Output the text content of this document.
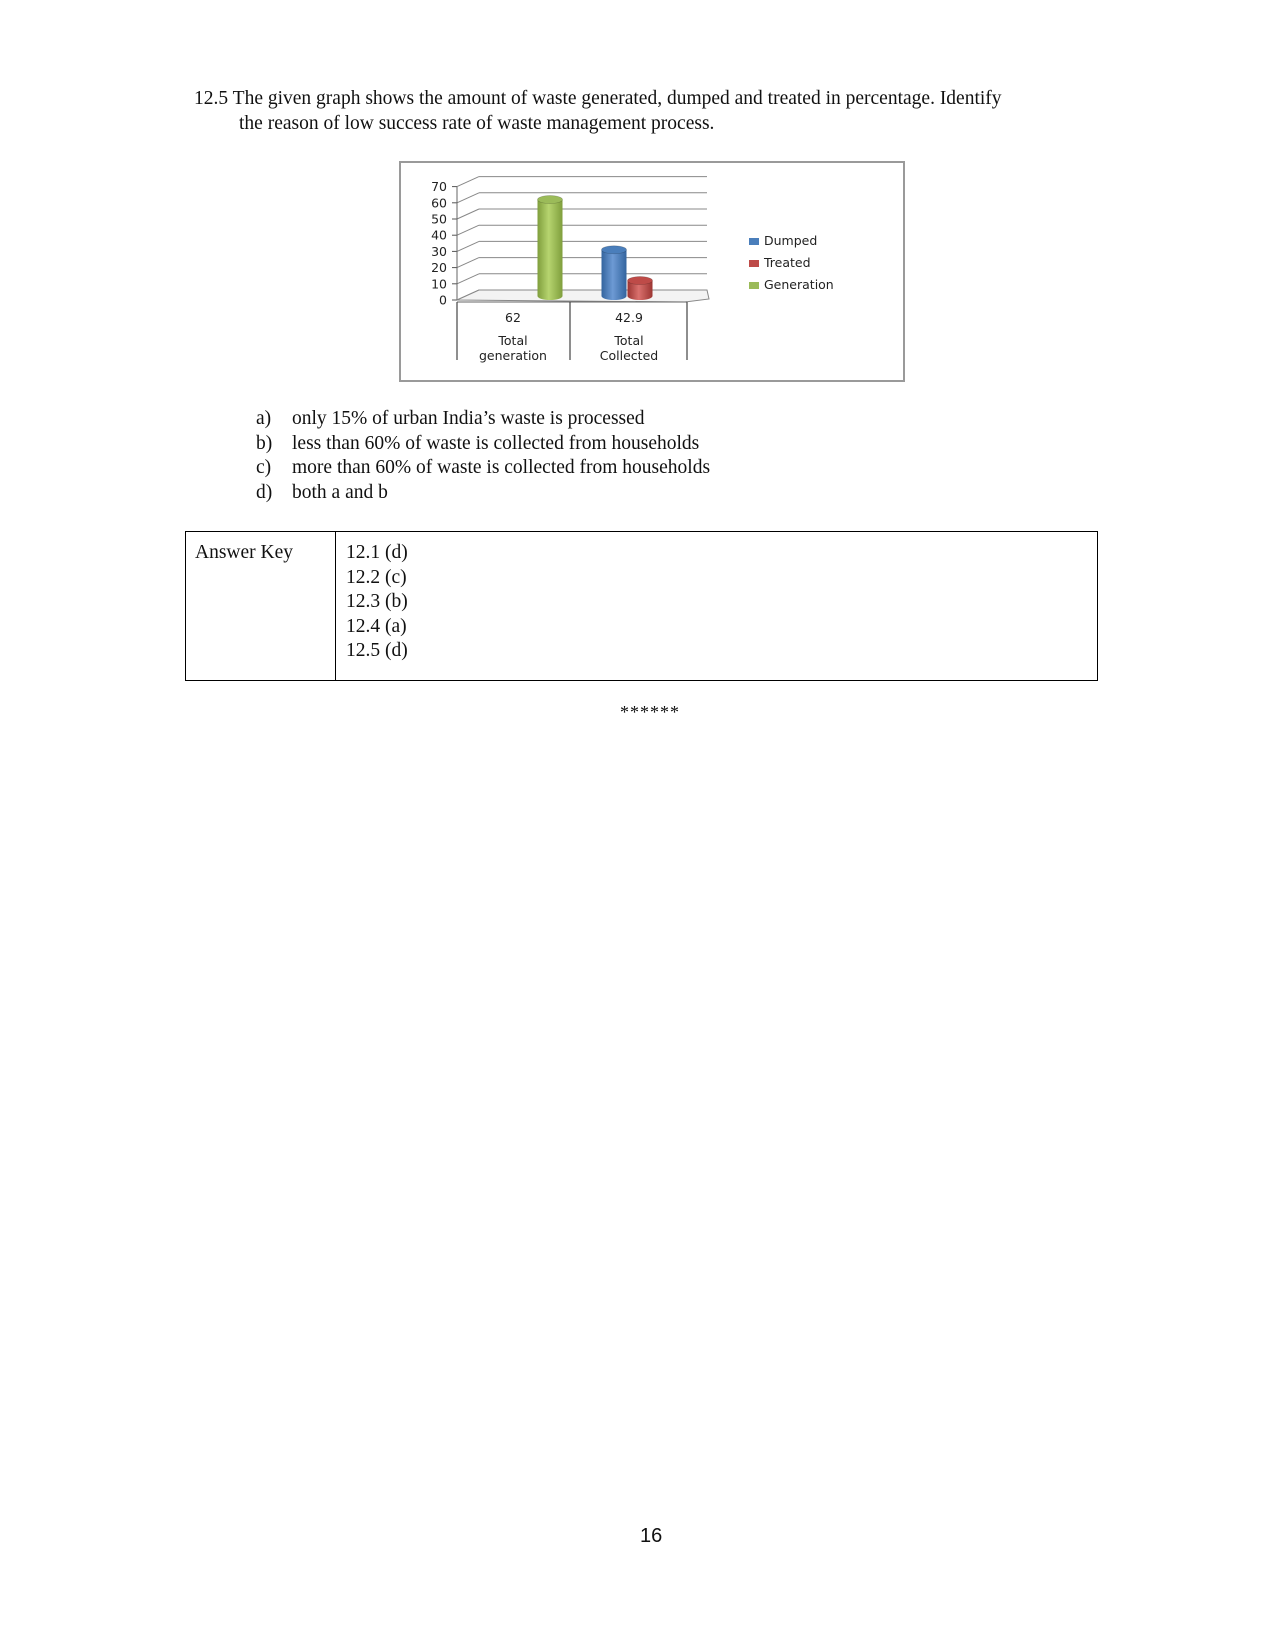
12.5 The given graph shows the amount of waste generated, dumped and treated in percentage. Identify
the reason of low success rate of waste management process.
70
60
50
40
30
20
10
0
62
Total
generation
42.9
Total
Collected
Dumped
Treated
Generation
a)	only 15% of urban India’s waste is processed
b)	less than 60% of waste is collected from households
c)	more than 60% of waste is collected from households
d)	both a and b
Answer Key	12.1 (d)
12.2 (c)
12.3 (b)
12.4 (a)
12.5 (d)
******
16
